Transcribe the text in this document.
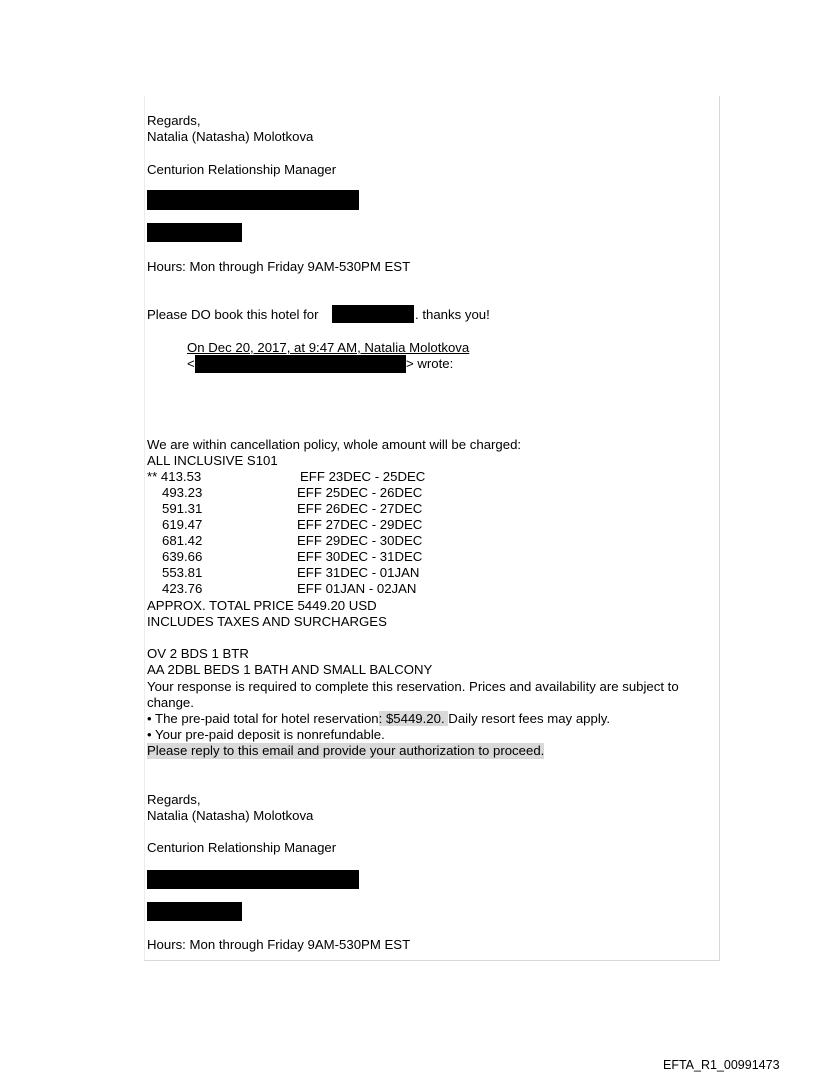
Regards,
Natalia (Natasha) Molotkova
Centurion Relationship Manager
Hours: Mon through Friday 9AM-530PM EST
Please DO book this hotel for	. thanks you!
On Dec 20, 2017, at 9:47 AM, Natalia Molotkova
<	> wrote:
We are within cancellation policy, whole amount will be charged:
ALL INCLUSIVE S101
** 413.53	EFF 23DEC - 25DEC
493.23	EFF 25DEC - 26DEC
591.31	EFF 26DEC - 27DEC
619.47	EFF 27DEC - 29DEC
681.42	EFF 29DEC - 30DEC
639.66	EFF 30DEC - 31DEC
553.81	EFF 31DEC - 01JAN
423.76	EFF 01JAN - 02JAN
APPROX. TOTAL PRICE 5449.20 USD
INCLUDES TAXES AND SURCHARGES
OV 2 BDS 1 BTR
AA 2DBL BEDS 1 BATH AND SMALL BALCONY
Your response is required to complete this reservation. Prices and availability are subject to
change.
• The pre-paid total for hotel reservation: $5449.20. Daily resort fees may apply.
• Your pre-paid deposit is nonrefundable.
Please reply to this email and provide your authorization to proceed.
Regards,
Natalia (Natasha) Molotkova
Centurion Relationship Manager
Hours: Mon through Friday 9AM-530PM EST
EFTA_R1_00991473
